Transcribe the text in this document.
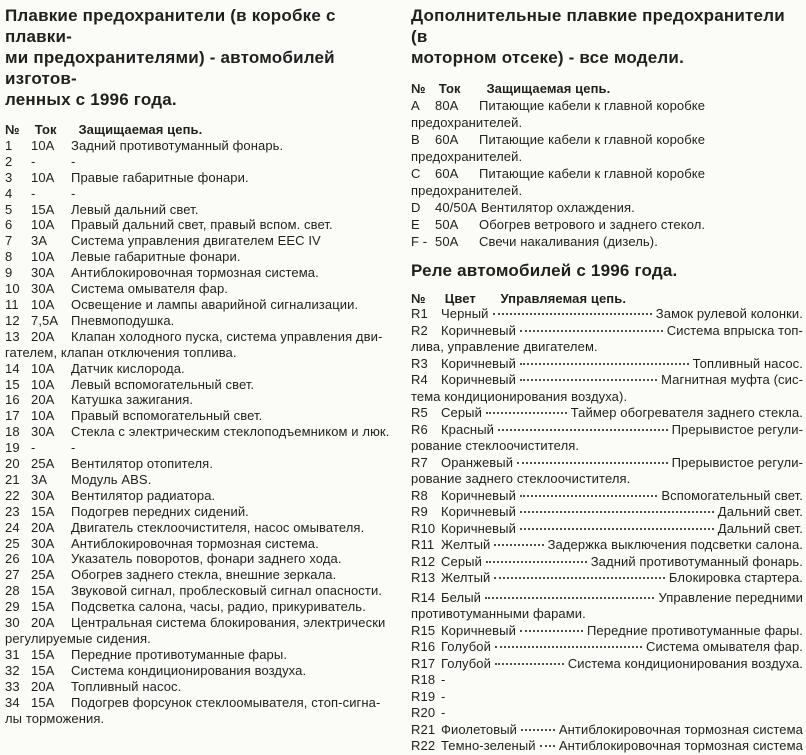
Плавкие предохранители (в коробке с плавки-
ми предохранителями) - автомобилей изготов-
ленных с 1996 года.
№ Ток Защищаемая цепь.
1 10A Задний противотуманный фонарь.
2 -	-
3 10A Правые габаритные фонари.
4 -	-
5 15A Левый дальний свет.
6 10A Правый дальний свет, правый вспом. свет.
7 3A Система управления двигателем EEC IV
8 10A Левые габаритные фонари.
9 30A Антиблокировочная тормозная система.
10 30A Система омывателя фар.
11 10A Освещение и лампы аварийной сигнализации.
12 7,5A Пневмоподушка.
13 20A Клапан холодного пуска, система управления дви-
гателем, клапан отключения топлива.
14 10A Датчик кислорода.
15 10A Левый вспомогательный свет.
16 20A Катушка зажигания.
17 10A Правый вспомогательный свет.
18 30A Стекла с электрическим стеклоподъемником и люк.
19 -	-
20 25A Вентилятор отопителя.
21 3A Модуль ABS.
22 30A Вентилятор радиатора.
23 15A Подогрев передних сидений.
24 20A Двигатель стеклоочистителя, насос омывателя.
25 30A Антиблокировочная тормозная система.
26 10A Указатель поворотов, фонари заднего хода.
27 25A Обогрев заднего стекла, внешние зеркала.
28 15A Звуковой сигнал, проблесковый сигнал опасности.
29 15A Подсветка салона, часы, радио, прикуриватель.
30 20A Центральная система блокирования, электрически
регулируемые сидения.
31 15A Передние противотуманные фары.
32 15A Система кондиционирования воздуха.
33 20A Топливный насос.
34 15A Подогрев форсунок стеклоомывателя, стоп-сигна-
лы торможения.
Дополнительные плавкие предохранители (в
моторном отсеке) - все модели.
№ Ток Защищаемая цепь.
A 80A Питающие кабели к главной коробке предохранителей.
B 60A Питающие кабели к главной коробке предохранителей.
C 60A Питающие кабели к главной коробке предохранителей.
D 40/50A Вентилятор охлаждения.
E 50A Обогрев ветрового и заднего стекол.
F - 50A Свечи накаливания (дизель).
Реле автомобилей с 1996 года.
№ Цвет Управляемая цепь.
R1	Черный	Замок рулевой колонки.
R2	Коричневый	Система впрыска топ-
лива, управление двигателем.
R3	Коричневый	Топливный насос.
R4	Коричневый	Магнитная муфта (сис-
тема кондиционирования воздуха).
R5	Серый	Таймер обогревателя заднего стекла.
R6	Красный	Прерывистое регули-
рование стеклоочистителя.
R7	Оранжевый	Прерывистое регули-
рование заднего стеклоочистителя.
R8	Коричневый	Вспомогательный свет.
R9	Коричневый	Дальний свет.
R10 Коричневый	Дальний свет.
R11 Желтый	Задержка выключения подсветки салона.
R12 Серый	Задний противотуманный фонарь.
R13 Желтый	Блокировка стартера.
R14 Белый	Управление передними
противотуманными фарами.
R15 Коричневый	Передние противотуманные фары.
R16 Голубой	Система омывателя фар.
R17 Голубой	Система кондиционирования воздуха.
R18 -
R19 -
R20 -
R21 Фиолетовый	Антиблокировочная тормозная система
R22 Темно-зеленый Антиблокировочная тормозная система
